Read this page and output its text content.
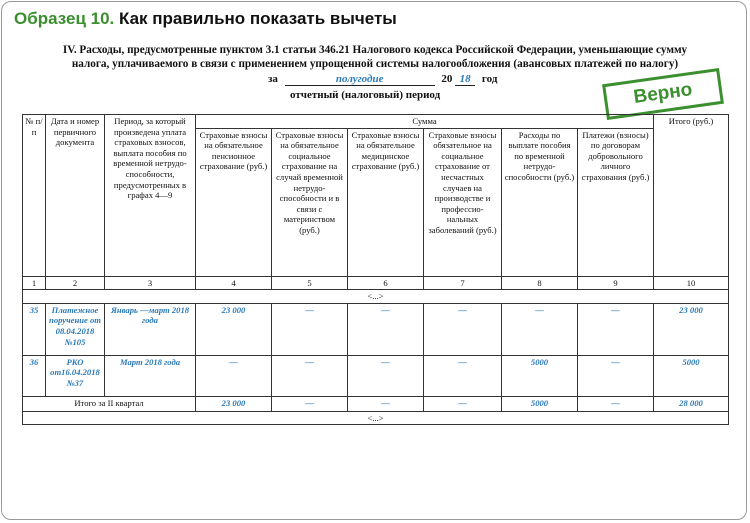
Образец 10. Как правильно показать вычеты
IV. Расходы, предусмотренные пунктом 3.1 статьи 346.21 Налогового кодекса Российской Федерации, уменьшающие сумму
налога, уплачиваемого в связи с применением упрощенной системы налогообложения (авансовых платежей по налогу)
за	полугодие	20 18 год
отчетный (налоговый) период	Верно
№ п/п	Дата и номер первичного документа	Период, за который произведена уплата страховых взносов, выплата пособия по временной нетрудо-способности, предусмотренных в графах 4—9	Сумма						Итого (руб.)
			Страховые взносы на обязательное пенсионное страхование (руб.)	Страховые взносы на обязательное социальное страхование на случай временной нетрудо-способности и в связи с материнством (руб.)	Страховые взносы на обязательное медицинское страхование (руб.)	Страховые взносы обязательное на социальное страхование от несчастных случаев на производстве и профессио-нальных заболеваний (руб.)	Расходы по выплате пособия по временной нетрудо-способности (руб.)	Платежи (взносы) по договорам добровольного личного страхования (руб.)	
1	2	3	4	5	6	7	8	9	10
<...>									
35	Платежное поручение от 08.04.2018 №105	Январь —март 2018 года	23 000	—	—	—	—	—	23 000
36	РКО от16.04.2018 №37	Март 2018 года	—	—	—	—	5000	—	5000
Итого за II квартал			23 000	—	—	—	5000	—	28 000
<...>									
